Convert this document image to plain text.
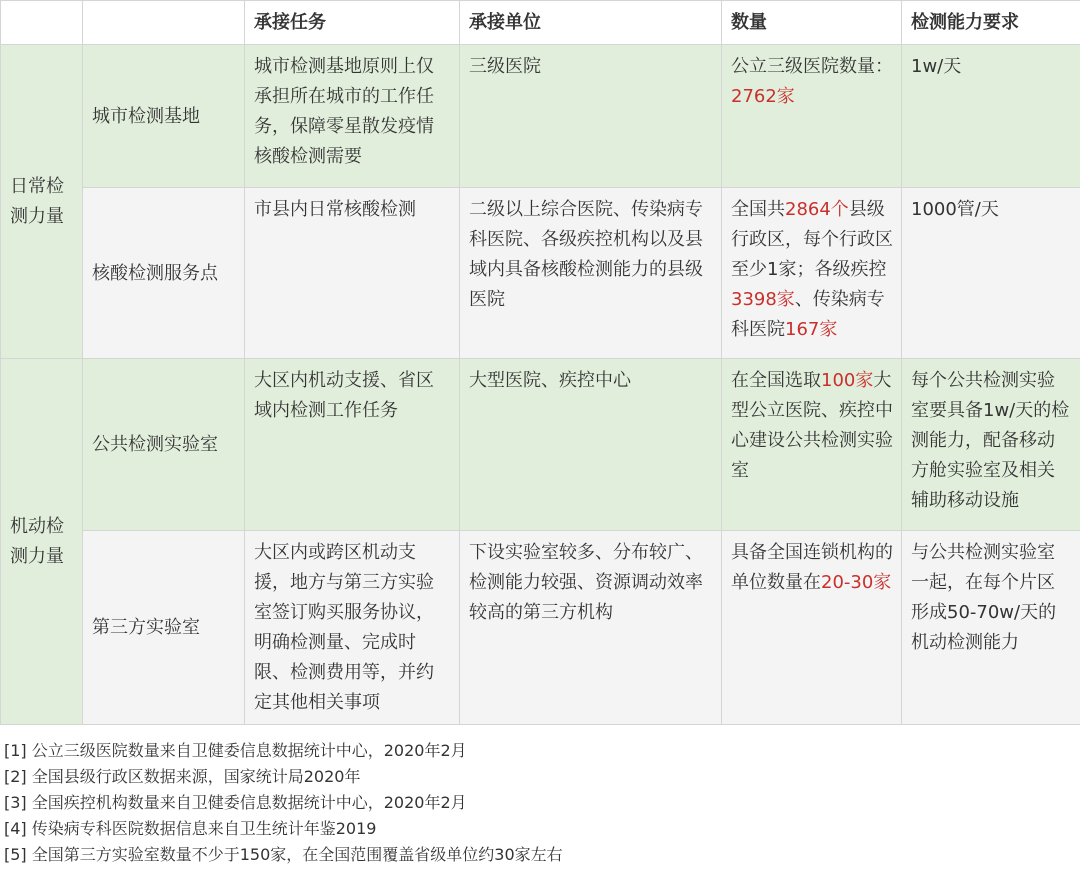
		承接任务	承接单位	数量	检测能力要求
日常检测力量	城市检测基地	城市检测基地原则上仅承担所在城市的工作任务，保障零星散发疫情核酸检测需要	三级医院	公立三级医院数量：2762家	1w/天
	核酸检测服务点	市县内日常核酸检测	二级以上综合医院、传染病专科医院、各级疾控机构以及县域内具备核酸检测能力的县级医院	全国共2864个县级行政区，每个行政区至少1家；各级疾控3398家、传染病专科医院167家	1000管/天
机动检测力量	公共检测实验室	大区内机动支援、省区域内检测工作任务	大型医院、疾控中心	在全国选取100家大型公立医院、疾控中心建设公共检测实验室	每个公共检测实验室要具备1w/天的检测能力，配备移动方舱实验室及相关辅助移动设施
	第三方实验室	大区内或跨区机动支援，地方与第三方实验室签订购买服务协议，明确检测量、完成时限、检测费用等，并约定其他相关事项	下设实验室较多、分布较广、检测能力较强、资源调动效率较高的第三方机构	具备全国连锁机构的单位数量在20-30家	与公共检测实验室一起，在每个片区形成50-70w/天的机动检测能力
[1] 公立三级医院数量来自卫健委信息数据统计中心，2020年2月
[2] 全国县级行政区数据来源，国家统计局2020年
[3] 全国疾控机构数量来自卫健委信息数据统计中心，2020年2月
[4] 传染病专科医院数据信息来自卫生统计年鉴2019
[5] 全国第三方实验室数量不少于150家，在全国范围覆盖省级单位约30家左右
